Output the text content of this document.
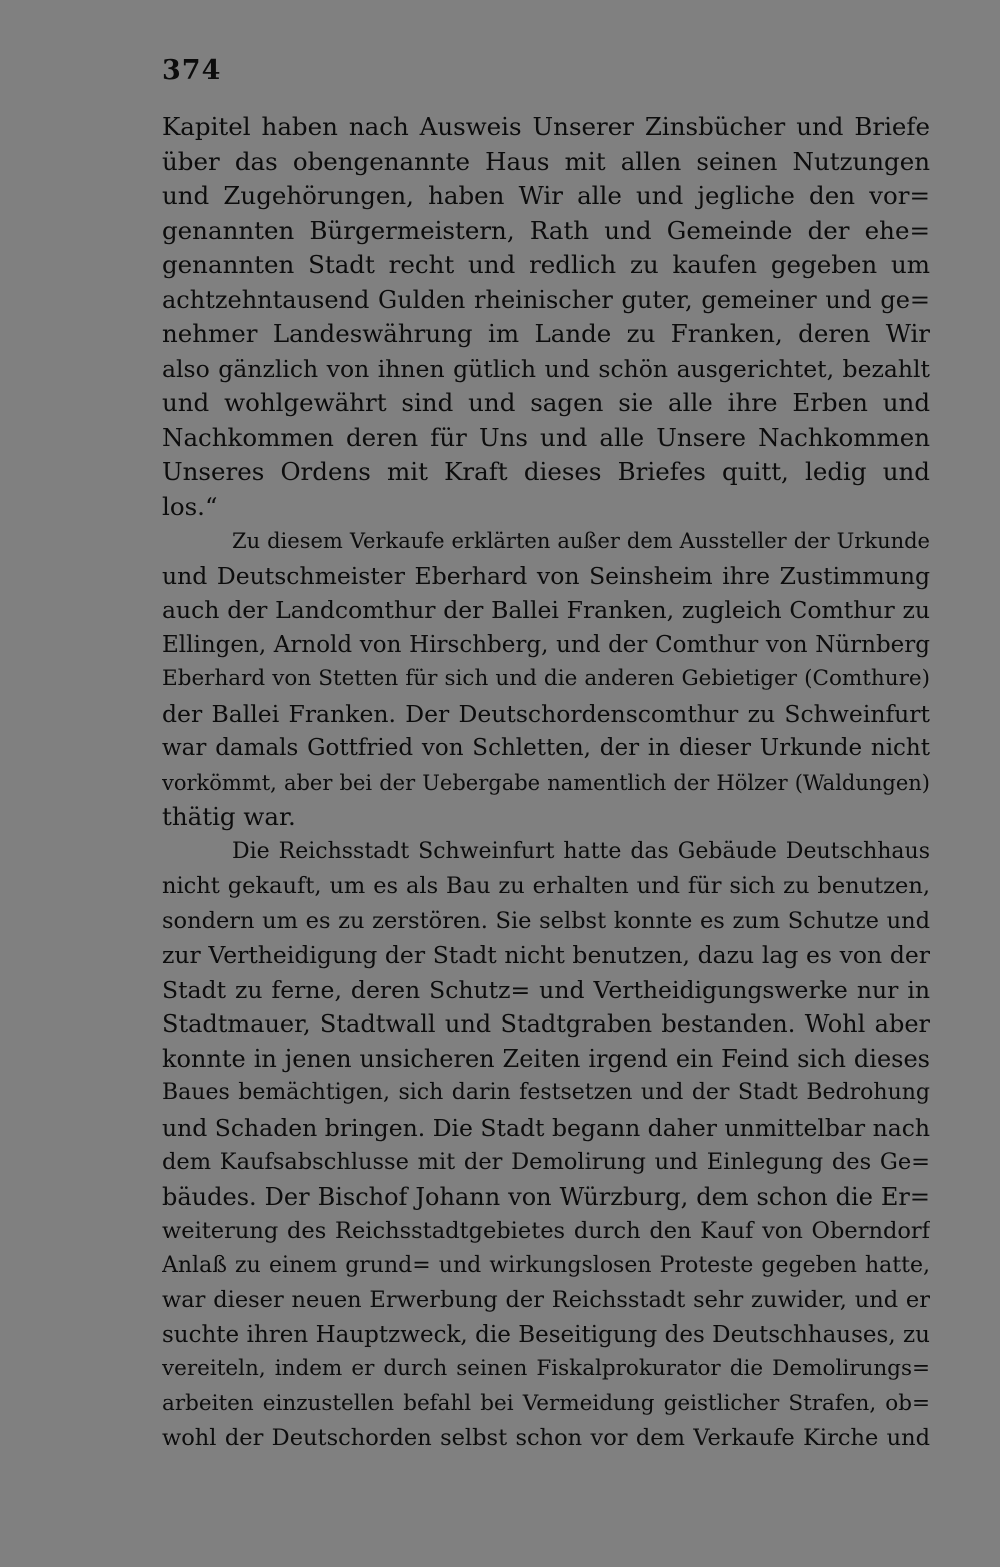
374
Kapitel haben nach Ausweis Unserer Zinsbücher und Briefe
über das obengenannte Haus mit allen seinen Nutzungen
und Zugehörungen, haben Wir alle und jegliche den vor=
genannten Bürgermeistern, Rath und Gemeinde der ehe=
genannten Stadt recht und redlich zu kaufen gegeben um
achtzehntausend Gulden rheinischer guter, gemeiner und ge=
nehmer Landeswährung im Lande zu Franken, deren Wir
also gänzlich von ihnen gütlich und schön ausgerichtet, bezahlt
und wohlgewährt sind und sagen sie alle ihre Erben und
Nachkommen deren für Uns und alle Unsere Nachkommen
Unseres Ordens mit Kraft dieses Briefes quitt, ledig und
los.“
Zu diesem Verkaufe erklärten außer dem Aussteller der Urkunde
und Deutschmeister Eberhard von Seinsheim ihre Zustimmung
auch der Landcomthur der Ballei Franken, zugleich Comthur zu
Ellingen, Arnold von Hirschberg, und der Comthur von Nürnberg
Eberhard von Stetten für sich und die anderen Gebietiger (Comthure)
der Ballei Franken. Der Deutschordenscomthur zu Schweinfurt
war damals Gottfried von Schletten, der in dieser Urkunde nicht
vorkömmt, aber bei der Uebergabe namentlich der Hölzer (Waldungen)
thätig war.
Die Reichsstadt Schweinfurt hatte das Gebäude Deutschhaus
nicht gekauft, um es als Bau zu erhalten und für sich zu benutzen,
sondern um es zu zerstören. Sie selbst konnte es zum Schutze und
zur Vertheidigung der Stadt nicht benutzen, dazu lag es von der
Stadt zu ferne, deren Schutz= und Vertheidigungswerke nur in
Stadtmauer, Stadtwall und Stadtgraben bestanden. Wohl aber
konnte in jenen unsicheren Zeiten irgend ein Feind sich dieses
Baues bemächtigen, sich darin festsetzen und der Stadt Bedrohung
und Schaden bringen. Die Stadt begann daher unmittelbar nach
dem Kaufsabschlusse mit der Demolirung und Einlegung des Ge=
bäudes. Der Bischof Johann von Würzburg, dem schon die Er=
weiterung des Reichsstadtgebietes durch den Kauf von Oberndorf
Anlaß zu einem grund= und wirkungslosen Proteste gegeben hatte,
war dieser neuen Erwerbung der Reichsstadt sehr zuwider, und er
suchte ihren Hauptzweck, die Beseitigung des Deutschhauses, zu
vereiteln, indem er durch seinen Fiskalprokurator die Demolirungs=
arbeiten einzustellen befahl bei Vermeidung geistlicher Strafen, ob=
wohl der Deutschorden selbst schon vor dem Verkaufe Kirche und
